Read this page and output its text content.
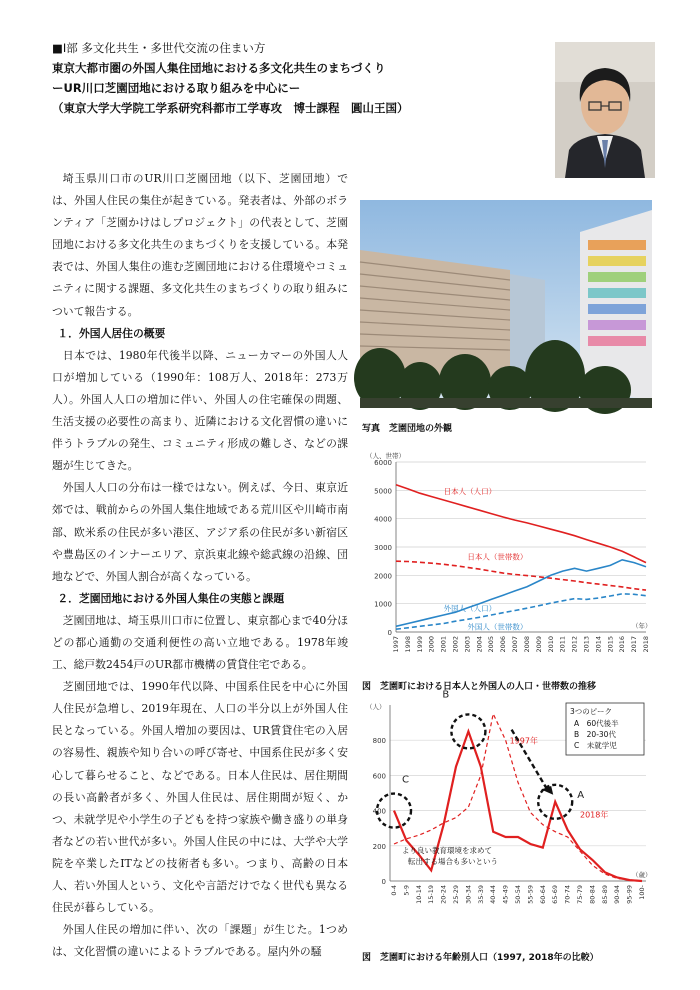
■Ⅰ部 多文化共生・多世代交流の住まい方
東京大都市圏の外国人集住団地における多文化共生のまちづくり
ーUR川口芝園団地における取り組みを中心にー
（東京大学大学院工学系研究科都市工学専攻　博士課程　圓山王国）
写真　芝園団地の外観

埼玉県川口市のUR川口芝園団地（以下、芝園団地）では、外国人住民の集住が起きている。発表者は、外部のボランティア「芝園かけはしプロジェクト」の代表として、芝園団地における多文化共生のまちづくりを支援している。本発表では、外国人集住の進む芝園団地における住環境やコミュニティに関する課題、多文化共生のまちづくりの取り組みについて報告する。

１．外国人居住の概要

日本では、1980年代後半以降、ニューカマーの外国人人口が増加している（1990年：108万人、2018年：273万人）。外国人人口の増加に伴い、外国人の住宅確保の問題、生活支援の必要性の高まり、近隣における文化習慣の違いに伴うトラブルの発生、コミュニティ形成の難しさ、などの課題が生じてきた。

外国人人口の分布は一様ではない。例えば、今日、東京近郊では、戦前からの外国人集住地域である荒川区や川崎市南部、欧米系の住民が多い港区、アジア系の住民が多い新宿区や豊島区のインナーエリア、京浜東北線や総武線の沿線、団地などで、外国人割合が高くなっている。

２．芝園団地における外国人集住の実態と課題

芝園団地は、埼玉県川口市に位置し、東京都心まで40分ほどの都心通勤の交通利便性の高い立地である。1978年竣工、総戸数2454戸のUR都市機構の賃貸住宅である。

芝園団地では、1990年代以降、中国系住民を中心に外国人住民が急増し、2019年現在、人口の半分以上が外国人住民となっている。外国人増加の要因は、UR賃貸住宅の入居の容易性、親族や知り合いの呼び寄せ、中国系住民が多く安心して暮らせること、などである。日本人住民は、居住期間の長い高齢者が多く、外国人住民は、居住期間が短く、かつ、未就学児や小学生の子どもを持つ家族や働き盛りの単身者などの若い世代が多い。外国人住民の中には、大学や大学院を卒業したITなどの技術者も多い。つまり、高齢の日本人、若い外国人という、文化や言語だけでなく世代も異なる住民が暮らしている。

外国人住民の増加に伴い、次の「課題」が生じた。1つめは、文化習慣の違いによるトラブルである。屋内外の騒

0
1000
2000
3000
4000
5000
6000
（人、世帯）
（年）
1997 1998 1999 2000 2001 2002 2003 2004 2005 2006 2007 2008 2009 2010 2011 2012 2013 2014 2015 2016 2017 2018
日本人（人口）
日本人（世帯数）
外国人（人口）
外国人（世帯数）
図　芝園町における日本人と外国人の人口・世帯数の推移
0
200
400
600
800
（人）
（歳）
0-4 5-9 10-14 15-19 20-24 25-29 30-34 35-39 40-44 45-49 50-54 55-59 60-64 65-69 70-74 75-79 80-84 85-89 90-94 95-99 100-
1997年
2018年
A
B
C
3つのピーク
A　60代後半
B　20-30代
C　未就学児
より良い教育環境を求めて
転出する場合も多いという
図　芝園町における年齢別人口（1997, 2018年の比較）
